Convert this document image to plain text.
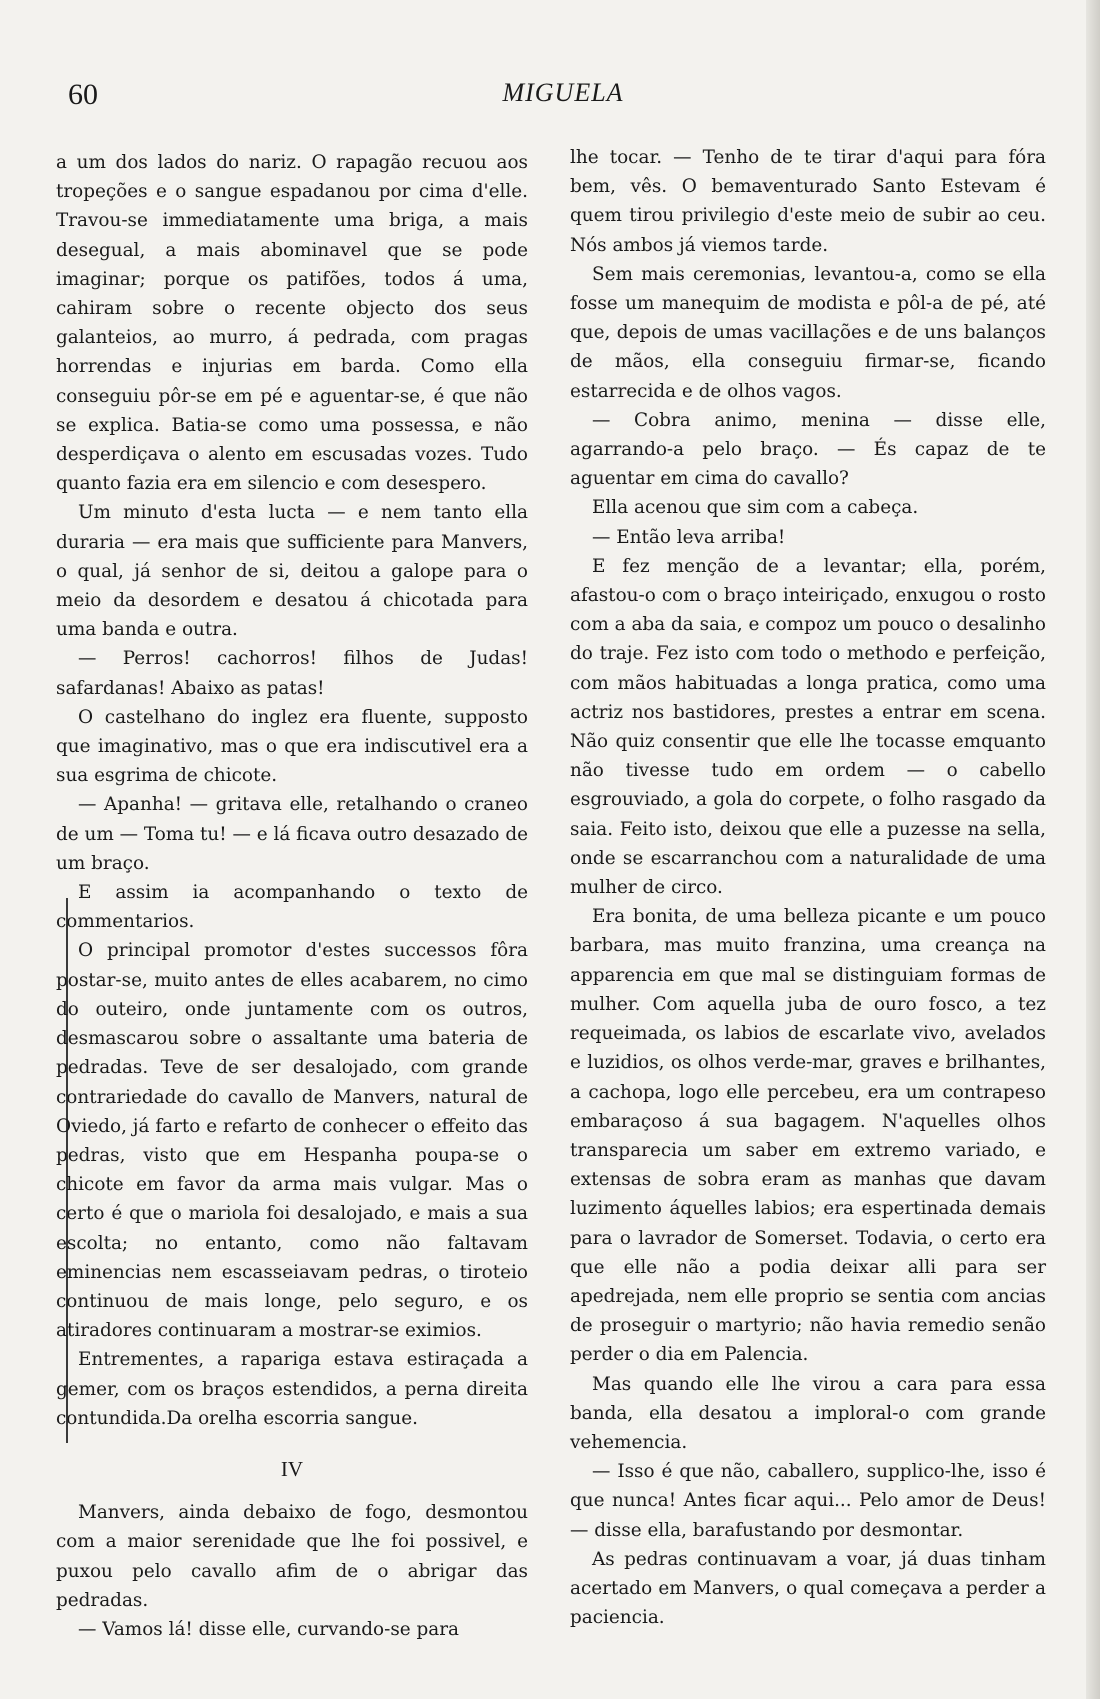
60	MIGUELA

a um dos lados do nariz. O rapagão recuou aos tropeções e o sangue espadanou por cima d'elle. Travou-se immediatamente uma briga, a mais desegual, a mais abominavel que se pode imaginar; porque os patifões, todos á uma, cahiram sobre o recente objecto dos seus galanteios, ao murro, á pedrada, com pragas horrendas e injurias em barda. Como ella conseguiu pôr-se em pé e aguentar-se, é que não se explica. Batia-se como uma possessa, e não desperdiçava o alento em escusadas vozes. Tudo quanto fazia era em silencio e com desespero.

Um minuto d'esta lucta — e nem tanto ella duraria — era mais que sufficiente para Manvers, o qual, já senhor de si, deitou a galope para o meio da desordem e desatou á chicotada para uma banda e outra.

— Perros! cachorros! filhos de Judas! safardanas! Abaixo as patas!

O castelhano do inglez era fluente, supposto que imaginativo, mas o que era indiscutivel era a sua esgrima de chicote.

— Apanha! — gritava elle, retalhando o craneo de um — Toma tu! — e lá ficava outro desazado de um braço.

E assim ia acompanhando o texto de commentarios.

O principal promotor d'estes successos fôra postar-se, muito antes de elles acabarem, no cimo do outeiro, onde juntamente com os outros, desmascarou sobre o assaltante uma bateria de pedradas. Teve de ser desalojado, com grande contrariedade do cavallo de Manvers, natural de Oviedo, já farto e refarto de conhecer o effeito das pedras, visto que em Hespanha poupa-se o chicote em favor da arma mais vulgar. Mas o certo é que o mariola foi desalojado, e mais a sua escolta; no entanto, como não faltavam eminencias nem escasseiavam pedras, o tiroteio continuou de mais longe, pelo seguro, e os atiradores continuaram a mostrar-se eximios.

Entrementes, a rapariga estava estiraçada a gemer, com os braços estendidos, a perna direita contundida.Da orelha escorria sangue.

IV

Manvers, ainda debaixo de fogo, desmontou com a maior serenidade que lhe foi possivel, e puxou pelo cavallo afim de o abrigar das pedradas.

— Vamos lá! disse elle, curvando-se para

lhe tocar. — Tenho de te tirar d'aqui para fóra bem, vês. O bemaventurado Santo Estevam é quem tirou privilegio d'este meio de subir ao ceu. Nós ambos já viemos tarde.

Sem mais ceremonias, levantou-a, como se ella fosse um manequim de modista e pôl-a de pé, até que, depois de umas vacillações e de uns balanços de mãos, ella conseguiu firmar-se, ficando estarrecida e de olhos vagos.

— Cobra animo, menina — disse elle, agarrando-a pelo braço. — És capaz de te aguentar em cima do cavallo?

Ella acenou que sim com a cabeça.

— Então leva arriba!

E fez menção de a levantar; ella, porém, afastou-o com o braço inteiriçado, enxugou o rosto com a aba da saia, e compoz um pouco o desalinho do traje. Fez isto com todo o methodo e perfeição, com mãos habituadas a longa pratica, como uma actriz nos bastidores, prestes a entrar em scena. Não quiz consentir que elle lhe tocasse emquanto não tivesse tudo em ordem — o cabello esgrouviado, a gola do corpete, o folho rasgado da saia. Feito isto, deixou que elle a puzesse na sella, onde se escarranchou com a naturalidade de uma mulher de circo.

Era bonita, de uma belleza picante e um pouco barbara, mas muito franzina, uma creança na apparencia em que mal se distinguiam formas de mulher. Com aquella juba de ouro fosco, a tez requeimada, os labios de escarlate vivo, avelados e luzidios, os olhos verde-mar, graves e brilhantes, a cachopa, logo elle percebeu, era um contrapeso embaraçoso á sua bagagem. N'aquelles olhos transparecia um saber em extremo variado, e extensas de sobra eram as manhas que davam luzimento áquelles labios; era espertinada demais para o lavrador de Somerset. Todavia, o certo era que elle não a podia deixar alli para ser apedrejada, nem elle proprio se sentia com ancias de proseguir o martyrio; não havia remedio senão perder o dia em Palencia.

Mas quando elle lhe virou a cara para essa banda, ella desatou a imploral-o com grande vehemencia.

— Isso é que não, caballero, supplico-lhe, isso é que nunca! Antes ficar aqui... Pelo amor de Deus! — disse ella, barafustando por desmontar.

As pedras continuavam a voar, já duas tinham acertado em Manvers, o qual começava a perder a paciencia.
